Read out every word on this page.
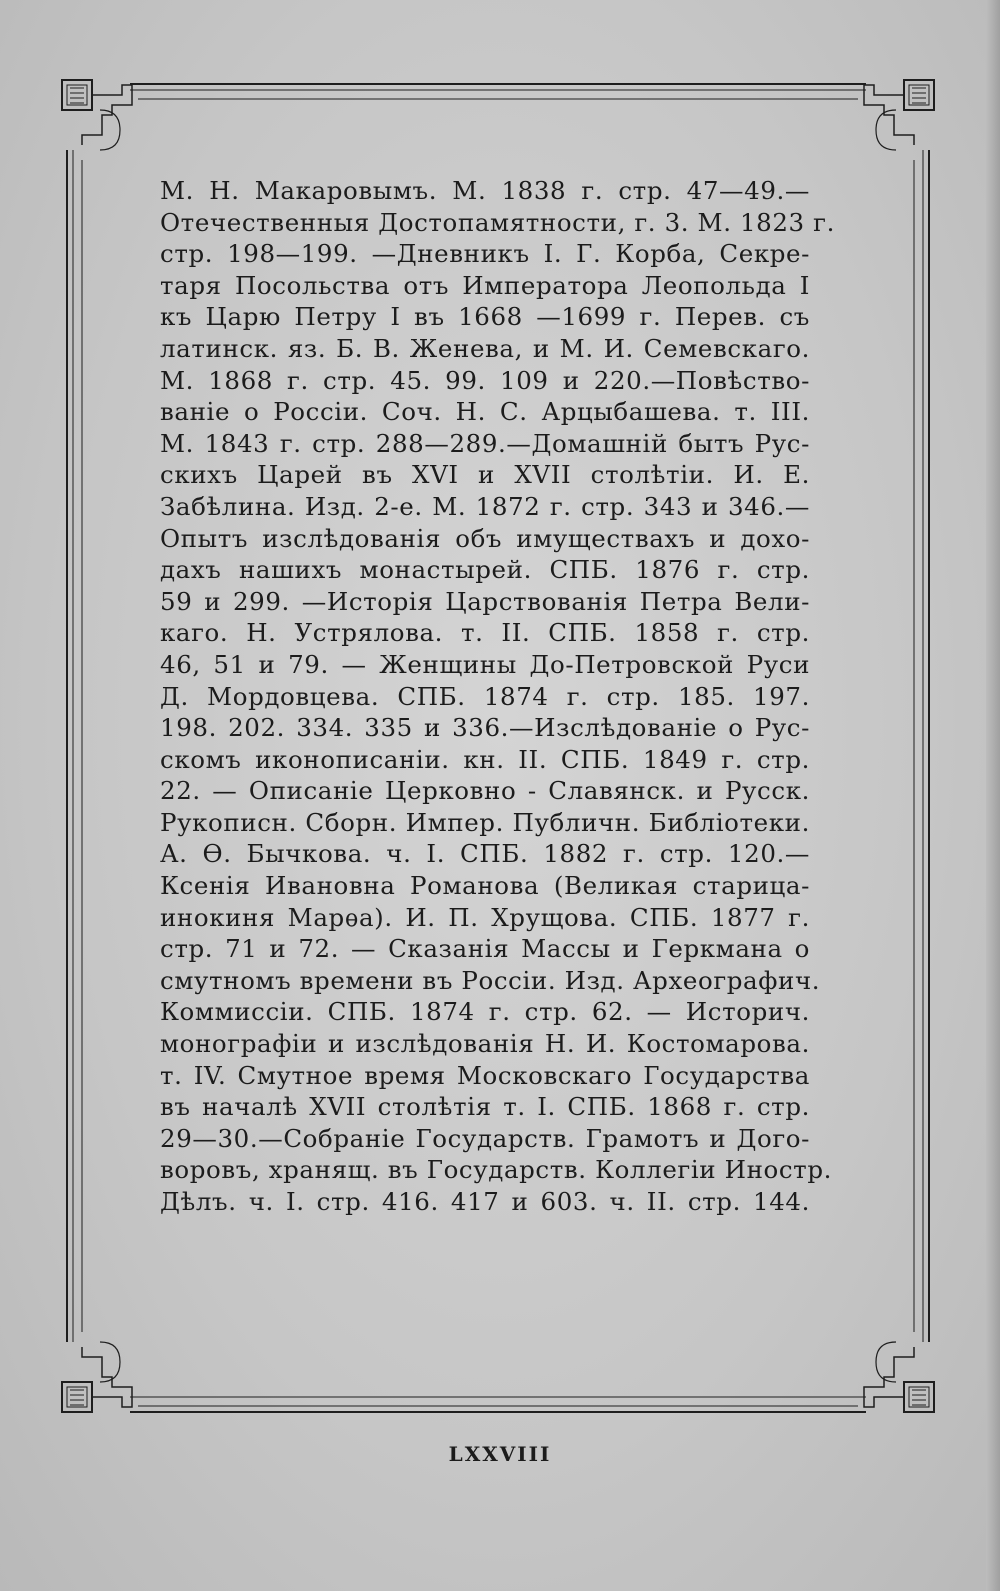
М. Н. Макаровымъ. М. 1838 г. стр. 47—49.—
Отечественныя Достопамятности, г. 3. М. 1823 г.
стр. 198—199. —Дневникъ І. Г. Корба, Секре-
таря Посольства отъ Императора Леопольда I
къ Царю Петру I въ 1668 —1699 г. Перев. съ
латинск. яз. Б. В. Женева, и М. И. Семевскаго.
М. 1868 г. стр. 45. 99. 109 и 220.—Повѣство-
ваніе о Россіи. Соч. Н. С. Арцыбашева. т. III.
М. 1843 г. стр. 288—289.—Домашній бытъ Рус-
скихъ Царей въ XVI и XVII столѣтіи. И. Е.
Забѣлина. Изд. 2-е. М. 1872 г. стр. 343 и 346.—
Опытъ изслѣдованія объ имуществахъ и дохо-
дахъ нашихъ монастырей. СПБ. 1876 г. стр.
59 и 299. —Исторія Царствованія Петра Вели-
каго. Н. Устрялова. т. II. СПБ. 1858 г. стр.
46, 51 и 79. — Женщины До-Петровской Руси
Д. Мордовцева. СПБ. 1874 г. стр. 185. 197.
198. 202. 334. 335 и 336.—Изслѣдованіе о Рус-
скомъ иконописаніи. кн. II. СПБ. 1849 г. стр.
22. — Описаніе Церковно - Славянск. и Русск.
Рукописн. Сборн. Импер. Публичн. Библіотеки.
А. Ѳ. Бычкова. ч. I. СПБ. 1882 г. стр. 120.—
Ксенія Ивановна Романова (Великая старица-
инокиня Марѳа). И. П. Хрущова. СПБ. 1877 г.
стр. 71 и 72. — Сказанія Массы и Геркмана о
смутномъ времени въ Россіи. Изд. Археографич.
Коммиссіи. СПБ. 1874 г. стр. 62. — Историч.
монографіи и изслѣдованія Н. И. Костомарова.
т. IV. Смутное время Московскаго Государства
въ началѣ XVII столѣтія т. I. СПБ. 1868 г. стр.
29—30.—Собраніе Государств. Грамотъ и Дого-
воровъ, хранящ. въ Государств. Коллегіи Иностр.
Дѣлъ. ч. I. стр. 416. 417 и 603. ч. II. стр. 144.
LXXVIII
